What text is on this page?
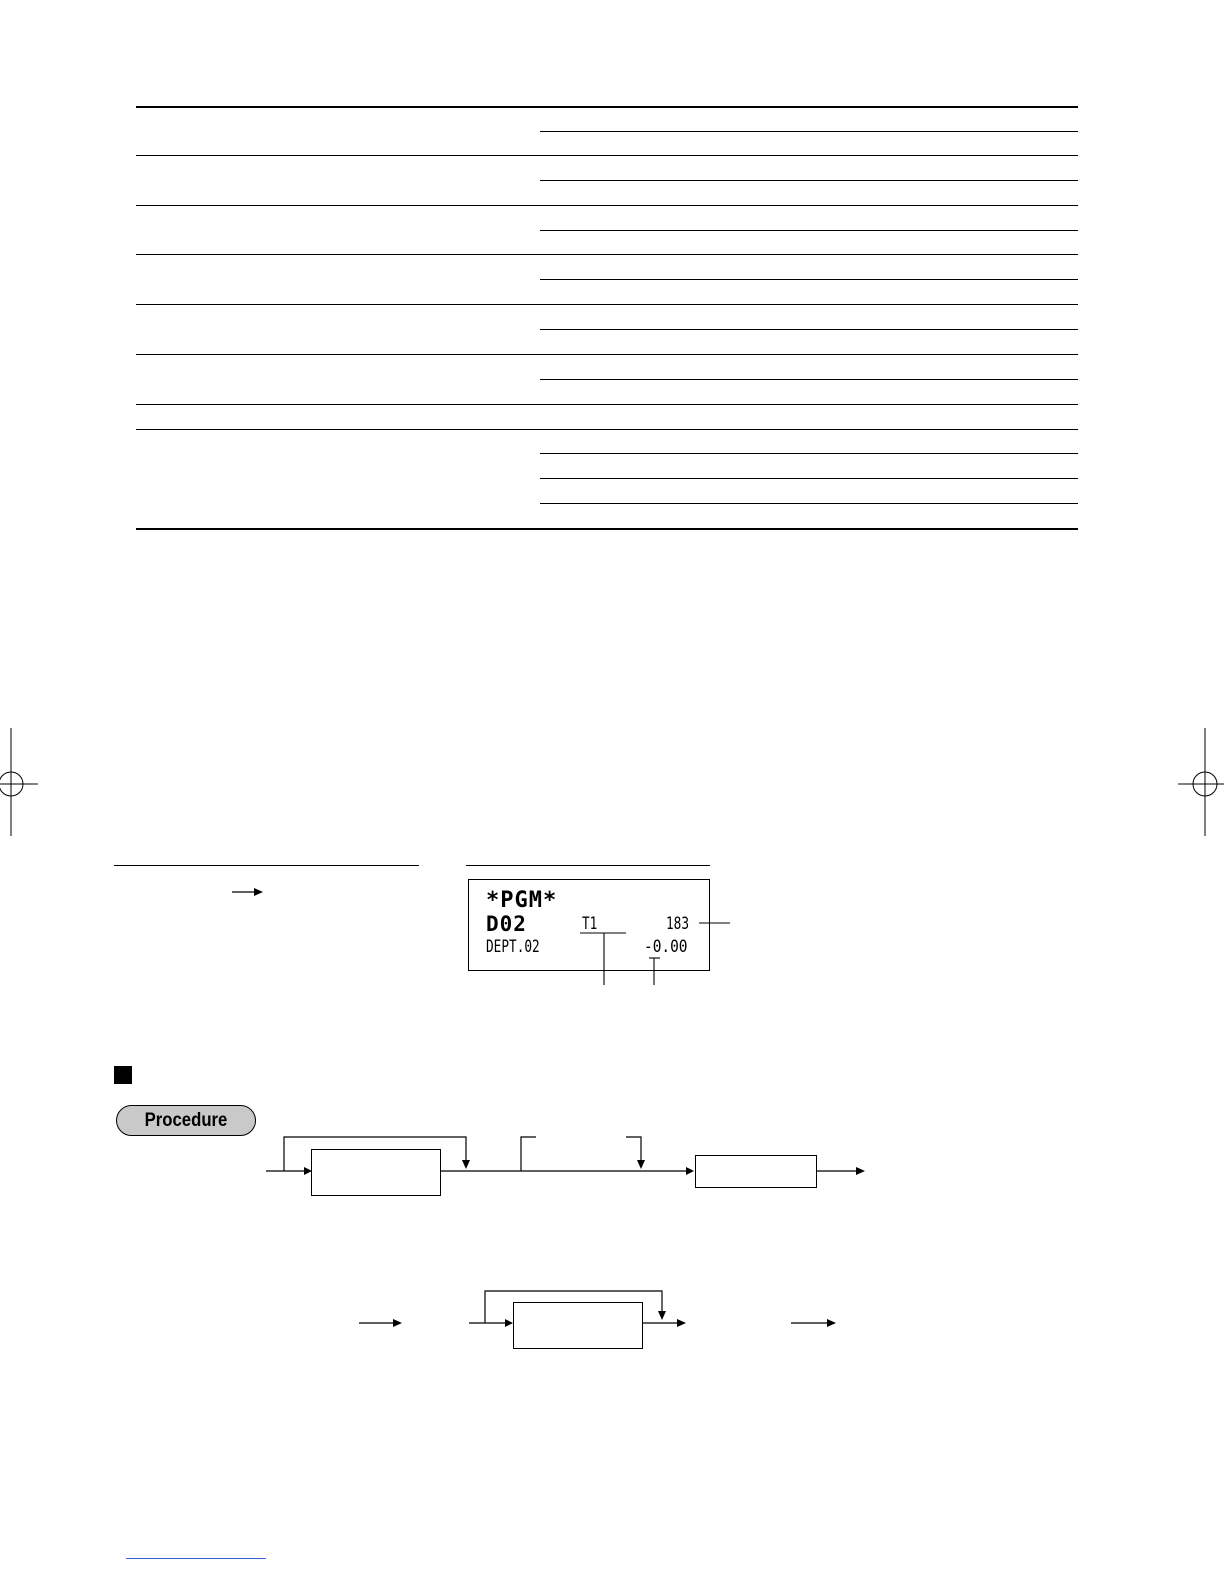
*PGM*
D02	T1	183
DEPT.02	-0.00
Procedure
